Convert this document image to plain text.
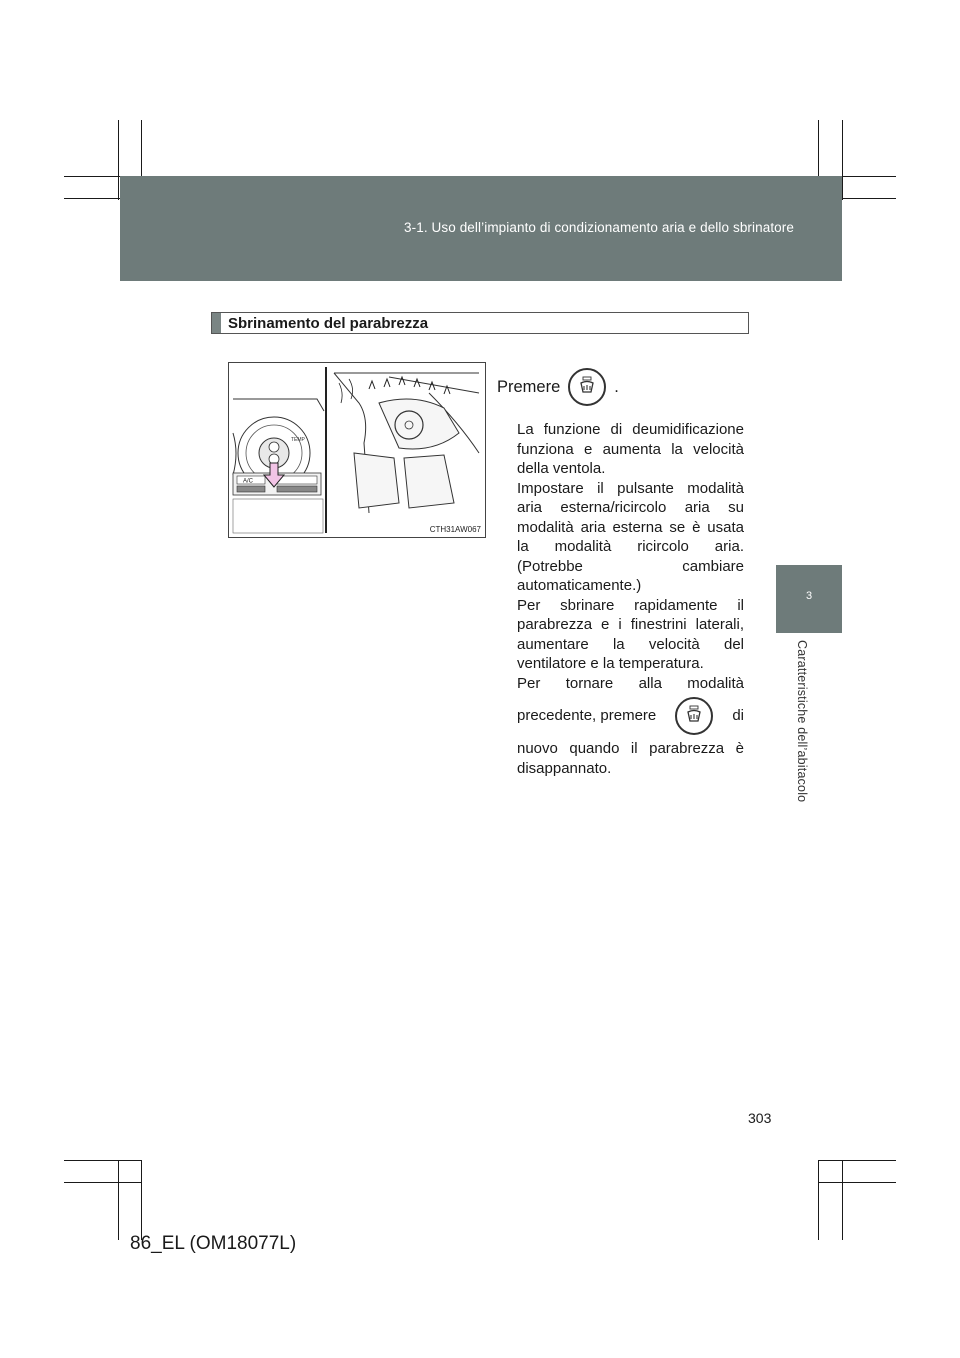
3-1. Uso dell’impianto di condizionamento aria e dello sbrinatore
3
Caratteristiche dell’abitacolo
Sbrinamento del parabrezza
TEMP
A/C
CTH31AW067
Premere	.

La funzione di deumidificazione funziona e aumenta la velocità della ventola.

Impostare il pulsante modalità aria esterna/ricircolo aria su modalità aria esterna se è usata la modalità ricircolo aria. (Potrebbe cambiare automaticamente.)

Per sbrinare rapidamente il parabrezza e i finestrini laterali, aumentare la velocità del ventilatore e la temperatura.

Per tornare alla modalità

precedente, premere	di

nuovo quando il parabrezza è disappannato.

303
86_EL (OM18077L)
